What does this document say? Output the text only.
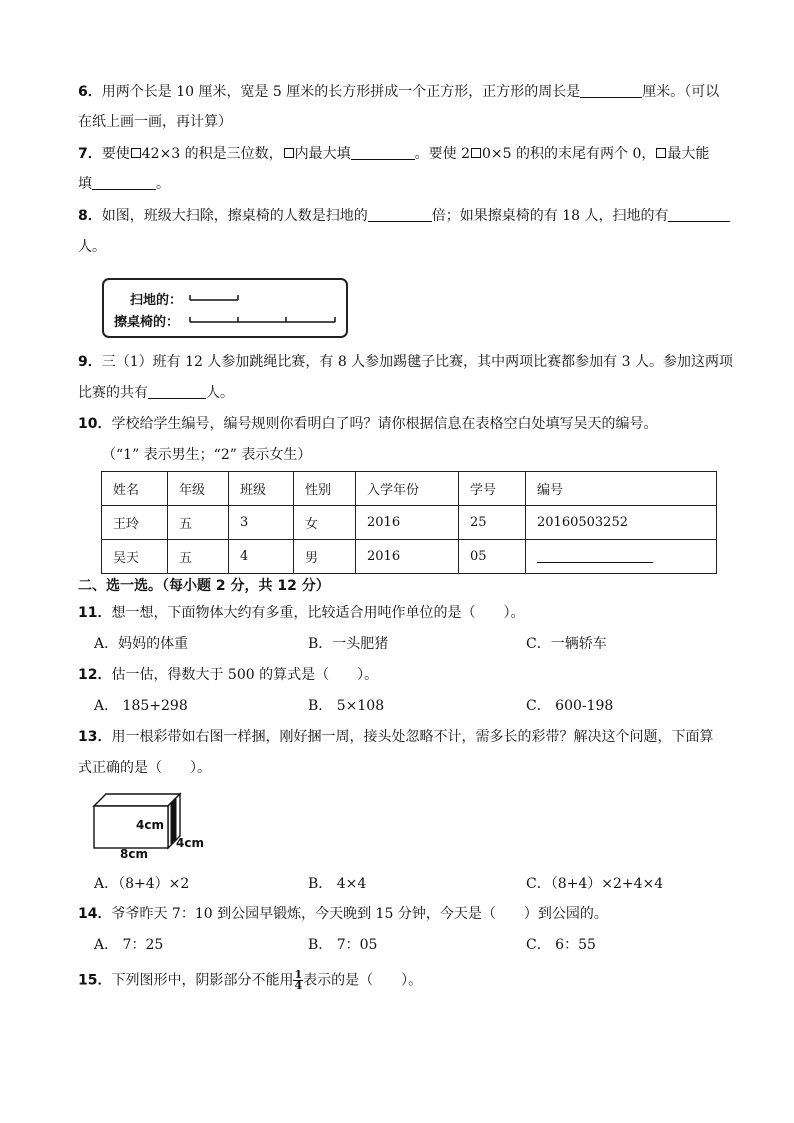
6．用两个长是 10 厘米，宽是 5 厘米的长方形拼成一个正方形，正方形的周长是	厘米。（可以
在纸上画一画，再计算）
7．要使 42×3 的积是三位数， 内最大填	。要使 2 0×5 的积的末尾有两个 0， 最大能
填	。
8．如图，班级大扫除，擦桌椅的人数是扫地的	倍；如果擦桌椅的有 18 人，扫地的有
人。
扫地的：
擦桌椅的：
9．三（1）班有 12 人参加跳绳比赛，有 8 人参加踢毽子比赛，其中两项比赛都参加有 3 人。参加这两项
比赛的共有	人。
10．学校给学生编号，编号规则你看明白了吗？请你根据信息在表格空白处填写吴天的编号。
（“1” 表示男生；“2” 表示女生）
姓名	年级	班级	性别	入学年份	学号	编号
王玲	五	3	女	2016	25	20160503252
吴天	五	4	男	2016	05	
二、选一选。（每小题 2 分，共 12 分）
11．想一想，下面物体大约有多重，比较适合用吨作单位的是（　　）。
A．妈妈的体重	B．一头肥猪	C．一辆轿车
12．估一估，得数大于 500 的算式是（　　）。
A． 185+298	B． 5×108	C． 600-198
13．用一根彩带如右图一样捆，刚好捆一周，接头处忽略不计，需多长的彩带？解决这个问题，下面算
式正确的是（　　）。
4cm
4cm
8cm
A．（8+4）×2	B． 4×4	C．（8+4）×2+4×4
14．爷爷昨天 7：10 到公园早锻炼，今天晚到 15 分钟，今天是（　　）到公园的。
A． 7：25	B． 7：05	C． 6：55
15．下列图形中，阴影部分不能用 $\frac{1}{4}$ 表示的是（　　）。
